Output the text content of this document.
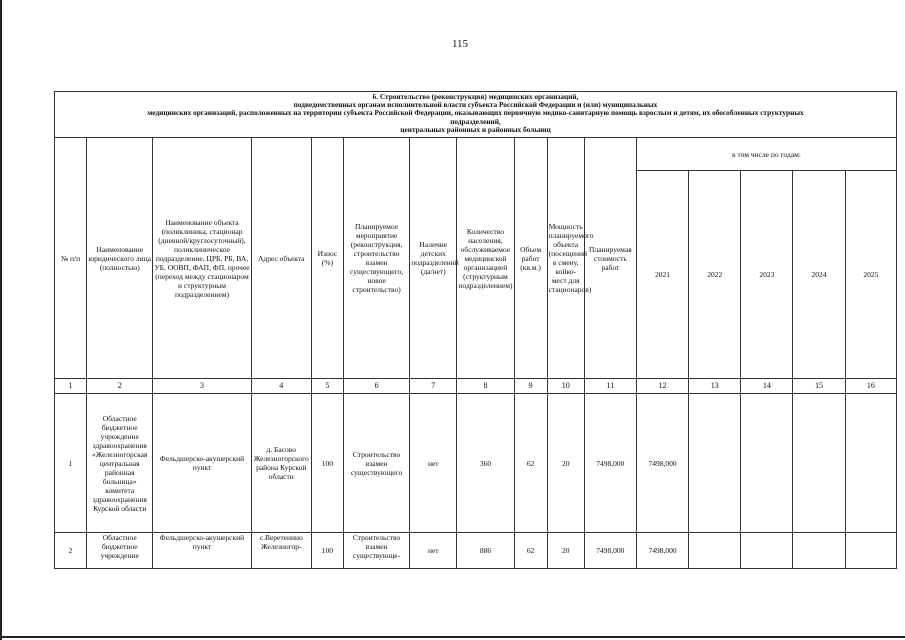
115
6. Строительство (реконструкция) медицинских организаций,
подведомственных органам исполнительной власти субъекта Российской Федерации и (или) муниципальных
медицинских организаций, расположенных на территории субъекта Российской Федерации, оказывающих первичную медико-санитарную помощь взрослым и детям, их обособленных структурных
подразделений,
центральных районных и районных больниц															

№ п/п	Наименование юридического лица (полностью)	Наименование объекта (поликлиника, стационар (дневной/круглосуточный), поликлиническое подразделение, ЦРБ, РБ, ВА, УБ, ООВП, ФАП, ФП, прочее (переход между стационаром и структурным подразделением)	Адрес объекта	Износ (%)	Планируемое мероприятие (реконструкция, строительство взамен существующего, новое строительство)	Наличие детских подразделений (да/нет)	Количество населения, обслуживаемое медицинской организацией (структурным подразделением)	Объем работ (кв.м.)	Мощность планируемого объекта (посещений в смену, койко-мест для стационаров)	Планируемая стоимость работ	в том числе по годам:				
											2021	2022	2023	2024	2025
1	2	3	4	5	6	7	8	9	10	11	12	13	14	15	16
1	Областное бюджетное учреждение здравоохранения «Железногорская центральная районная больница» комитета здравоохранения Курской области	Фельдшерско-акушерский пункт	д. Басово Железногорского района Курской области	100	Строительство взамен существующего	нет	360	62	20	7498,000	7498,000				
2	Областное бюджетное учреждение	Фельдшерско-акушерский пункт	с.Веретенино Железногор-	100	Строительство взамен существующе-	нет	886	62	20	7498,000	7498,000				
